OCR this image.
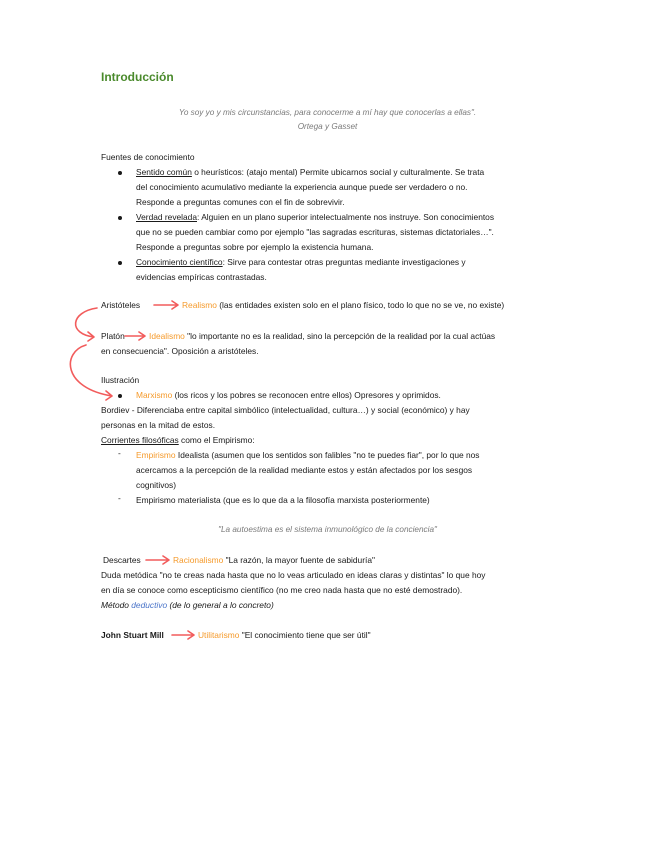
Introducción
Yo soy yo y mis circunstancias, para conocerme a mí hay que conocerlas a ellas".
Ortega y Gasset
Fuentes de conocimiento
Sentido común o heurísticos: (atajo mental) Permite ubicarnos social y culturalmente. Se trata
del conocimiento acumulativo mediante la experiencia aunque puede ser verdadero o no.
Responde a preguntas comunes con el fin de sobrevivir.
Verdad revelada: Alguien en un plano superior intelectualmente nos instruye. Son conocimientos
que no se pueden cambiar como por ejemplo "las sagradas escrituras, sistemas dictatoriales…".
Responde a preguntas sobre por ejemplo la existencia humana.
Conocimiento científico: Sirve para contestar otras preguntas mediante investigaciones y
evidencias empíricas contrastadas.
Aristóteles	Realismo (las entidades existen solo en el plano físico, todo lo que no se ve, no existe)
Platón	Idealismo "lo importante no es la realidad, sino la percepción de la realidad por la cual actúas
en consecuencia". Oposición a aristóteles.
Ilustración
Marxismo (los ricos y los pobres se reconocen entre ellos) Opresores y oprimidos.
Bordiev - Diferenciaba entre capital simbólico (intelectualidad, cultura…) y social (económico) y hay
personas en la mitad de estos.
Corrientes filosóficas como el Empirismo:
- Empirismo Idealista (asumen que los sentidos son falibles "no te puedes fiar", por lo que nos
acercamos a la percepción de la realidad mediante estos y están afectados por los sesgos
cognitivos)
- Empirismo materialista (que es lo que da a la filosofía marxista posteriormente)
"La autoestima es el sistema inmunológico de la conciencia"
Descartes	Racionalismo "La razón, la mayor fuente de sabiduría"
Duda metódica "no te creas nada hasta que no lo veas articulado en ideas claras y distintas" lo que hoy
en día se conoce como escepticismo científico (no me creo nada hasta que no esté demostrado).
Método deductivo (de lo general a lo concreto)
John Stuart Mill	Utilitarismo "El conocimiento tiene que ser útil"
